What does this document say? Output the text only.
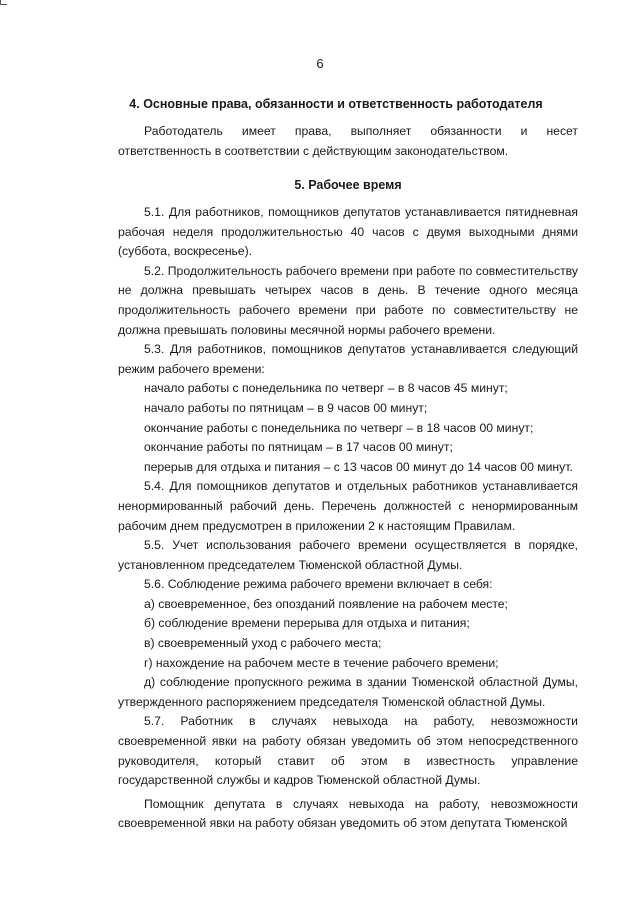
6
4. Основные права, обязанности и ответственность работодателя

Работодатель имеет права, выполняет обязанности и несет ответственность в соответствии с действующим законодательством.

5. Рабочее время

5.1. Для работников, помощников депутатов устанавливается пятидневная рабочая неделя продолжительностью 40 часов с двумя выходными днями (суббота, воскресенье).

5.2. Продолжительность рабочего времени при работе по совместительству не должна превышать четырех часов в день. В течение одного месяца продолжительность рабочего времени при работе по совместительству не должна превышать половины месячной нормы рабочего времени.

5.3. Для работников, помощников депутатов устанавливается следующий режим рабочего времени:

начало работы с понедельника по четверг – в 8 часов 45 минут;

начало работы по пятницам – в 9 часов 00 минут;

окончание работы с понедельника по четверг – в 18 часов 00 минут;

окончание работы по пятницам – в 17 часов 00 минут;

перерыв для отдыха и питания – с 13 часов 00 минут до 14 часов 00 минут.

5.4. Для помощников депутатов и отдельных работников устанавливается ненормированный рабочий день. Перечень должностей с ненормированным рабочим днем предусмотрен в приложении 2 к настоящим Правилам.

5.5. Учет использования рабочего времени осуществляется в порядке, установленном председателем Тюменской областной Думы.

5.6. Соблюдение режима рабочего времени включает в себя:

а) своевременное, без опозданий появление на рабочем месте;

б) соблюдение времени перерыва для отдыха и питания;

в) своевременный уход с рабочего места;

г) нахождение на рабочем месте в течение рабочего времени;

д) соблюдение пропускного режима в здании Тюменской областной Думы, утвержденного распоряжением председателя Тюменской областной Думы.

5.7. Работник в случаях невыхода на работу, невозможности своевременной явки на работу обязан уведомить об этом непосредственного руководителя, который ставит об этом в известность управление государственной службы и кадров Тюменской областной Думы.

Помощник депутата в случаях невыхода на работу, невозможности своевременной явки на работу обязан уведомить об этом депутата Тюменской
